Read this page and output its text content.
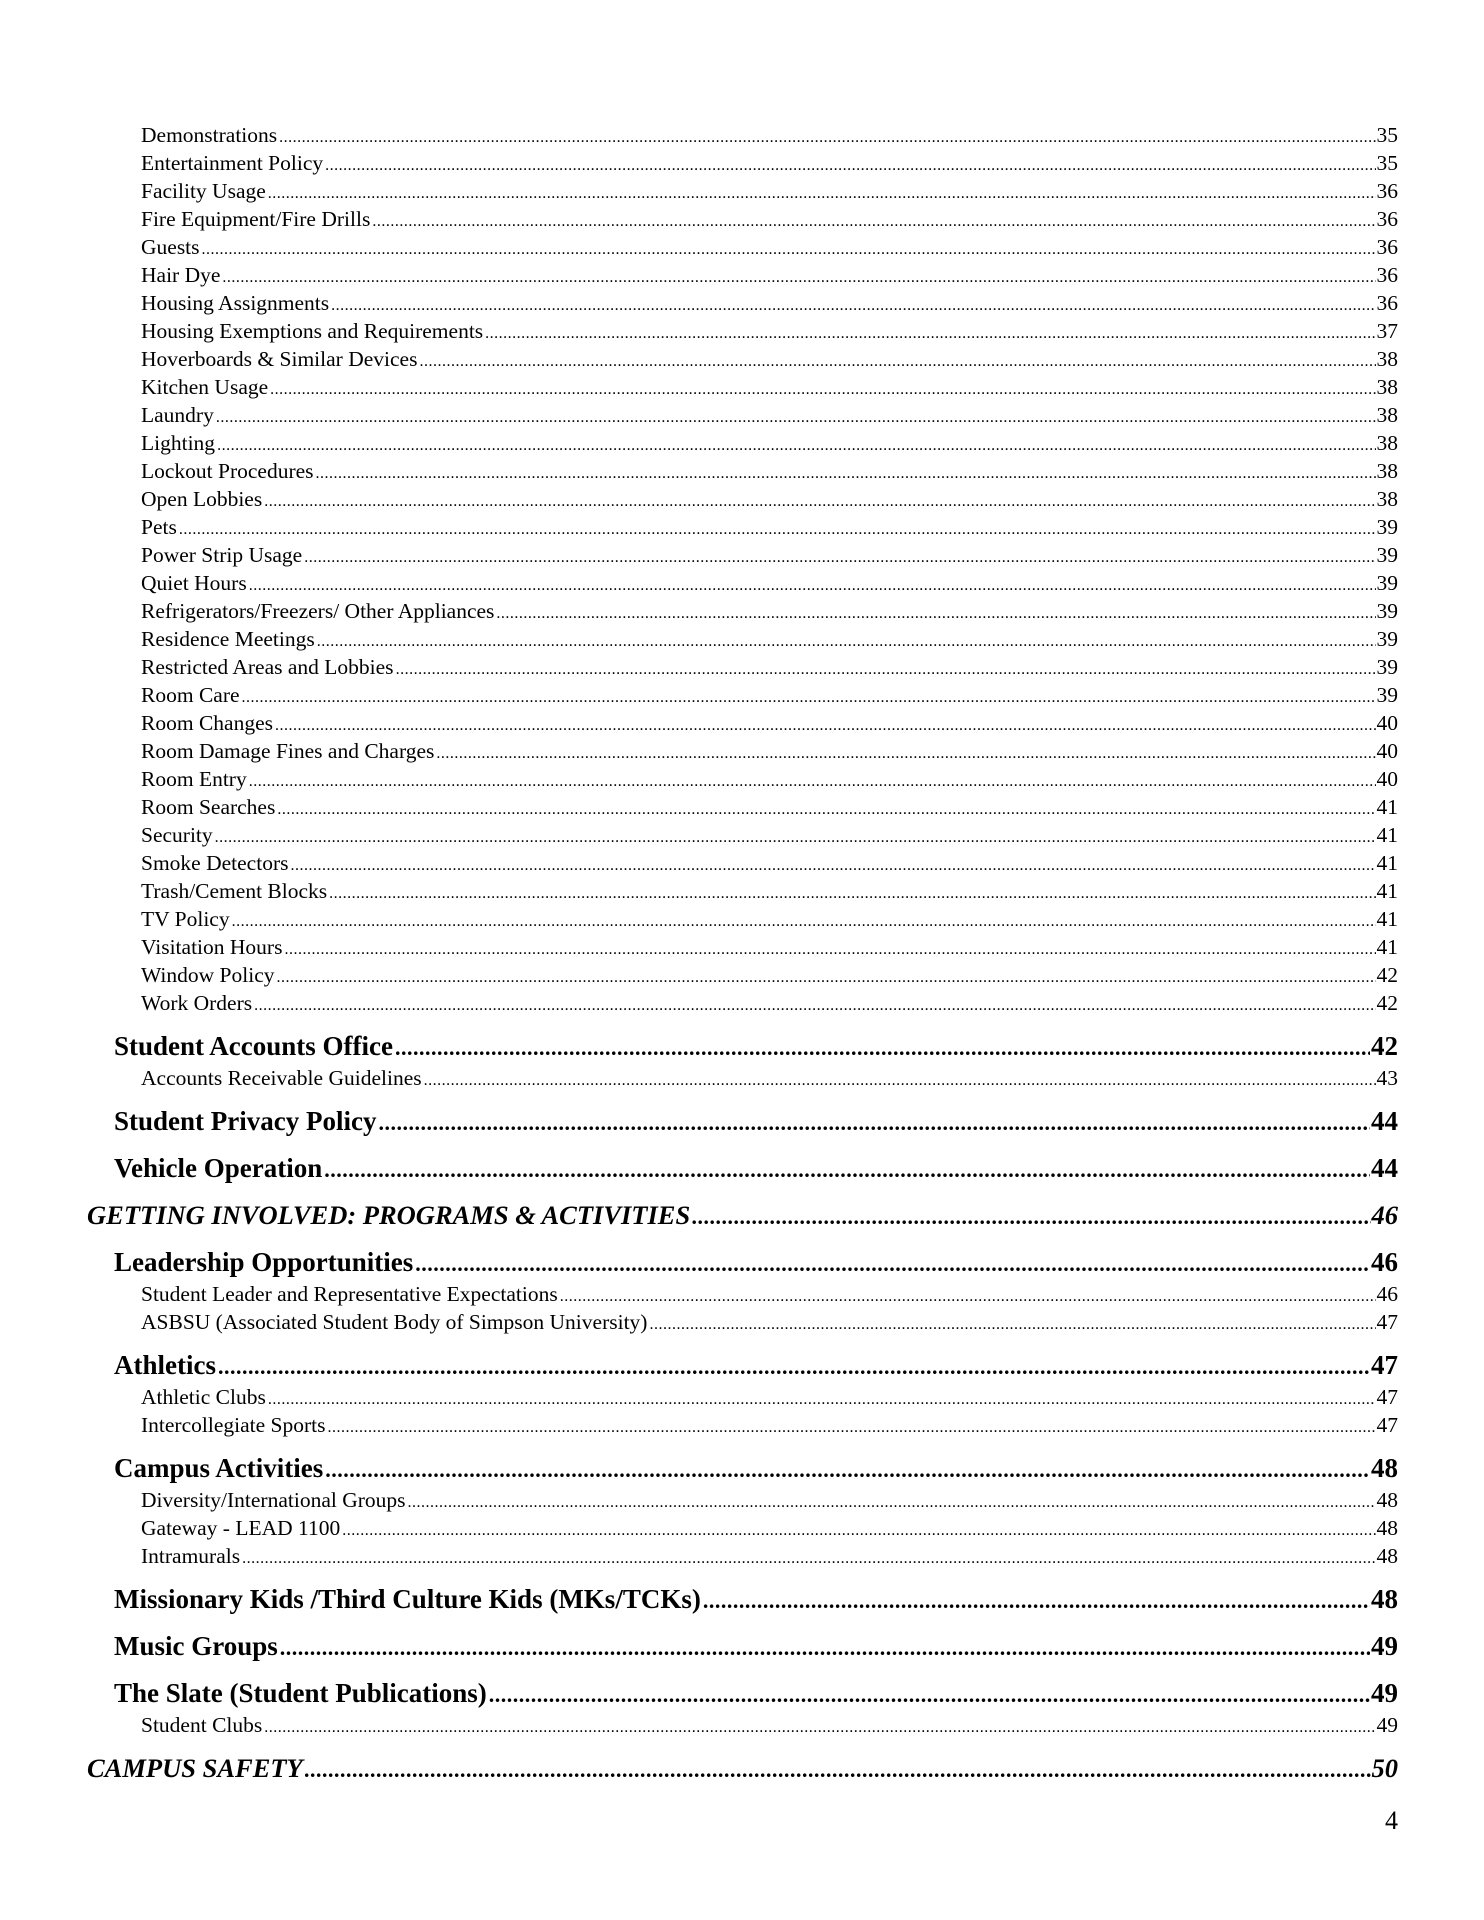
Demonstrations .....	35
Entertainment Policy .....	35
Facility Usage .....	36
Fire Equipment/Fire Drills .....	36
Guests .....	36
Hair Dye .....	36
Housing Assignments .....	36
Housing Exemptions and Requirements .....	37
Hoverboards & Similar Devices .....	38
Kitchen Usage .....	38
Laundry .....	38
Lighting .....	38
Lockout Procedures .....	38
Open Lobbies .....	38
Pets .....	39
Power Strip Usage .....	39
Quiet Hours .....	39
Refrigerators/Freezers/ Other Appliances .....	39
Residence Meetings .....	39
Restricted Areas and Lobbies .....	39
Room Care .....	39
Room Changes .....	40
Room Damage Fines and Charges .....	40
Room Entry .....	40
Room Searches .....	41
Security .....	41
Smoke Detectors .....	41
Trash/Cement Blocks .....	41
TV Policy .....	41
Visitation Hours .....	41
Window Policy .....	42
Work Orders .....	42
Student Accounts Office .....	42
Accounts Receivable Guidelines .....	43
Student Privacy Policy .....	44
Vehicle Operation .....	44
GETTING INVOLVED: PROGRAMS & ACTIVITIES .....	46
Leadership Opportunities .....	46
Student Leader and Representative Expectations .....	46
ASBSU (Associated Student Body of Simpson University) .....	47
Athletics .....	47
Athletic Clubs .....	47
Intercollegiate Sports .....	47
Campus Activities .....	48
Diversity/International Groups .....	48
Gateway - LEAD 1100 .....	48
Intramurals .....	48
Missionary Kids /Third Culture Kids (MKs/TCKs) .....	48
Music Groups .....	49
The Slate (Student Publications) .....	49
Student Clubs .....	49
CAMPUS SAFETY .....	50
4
